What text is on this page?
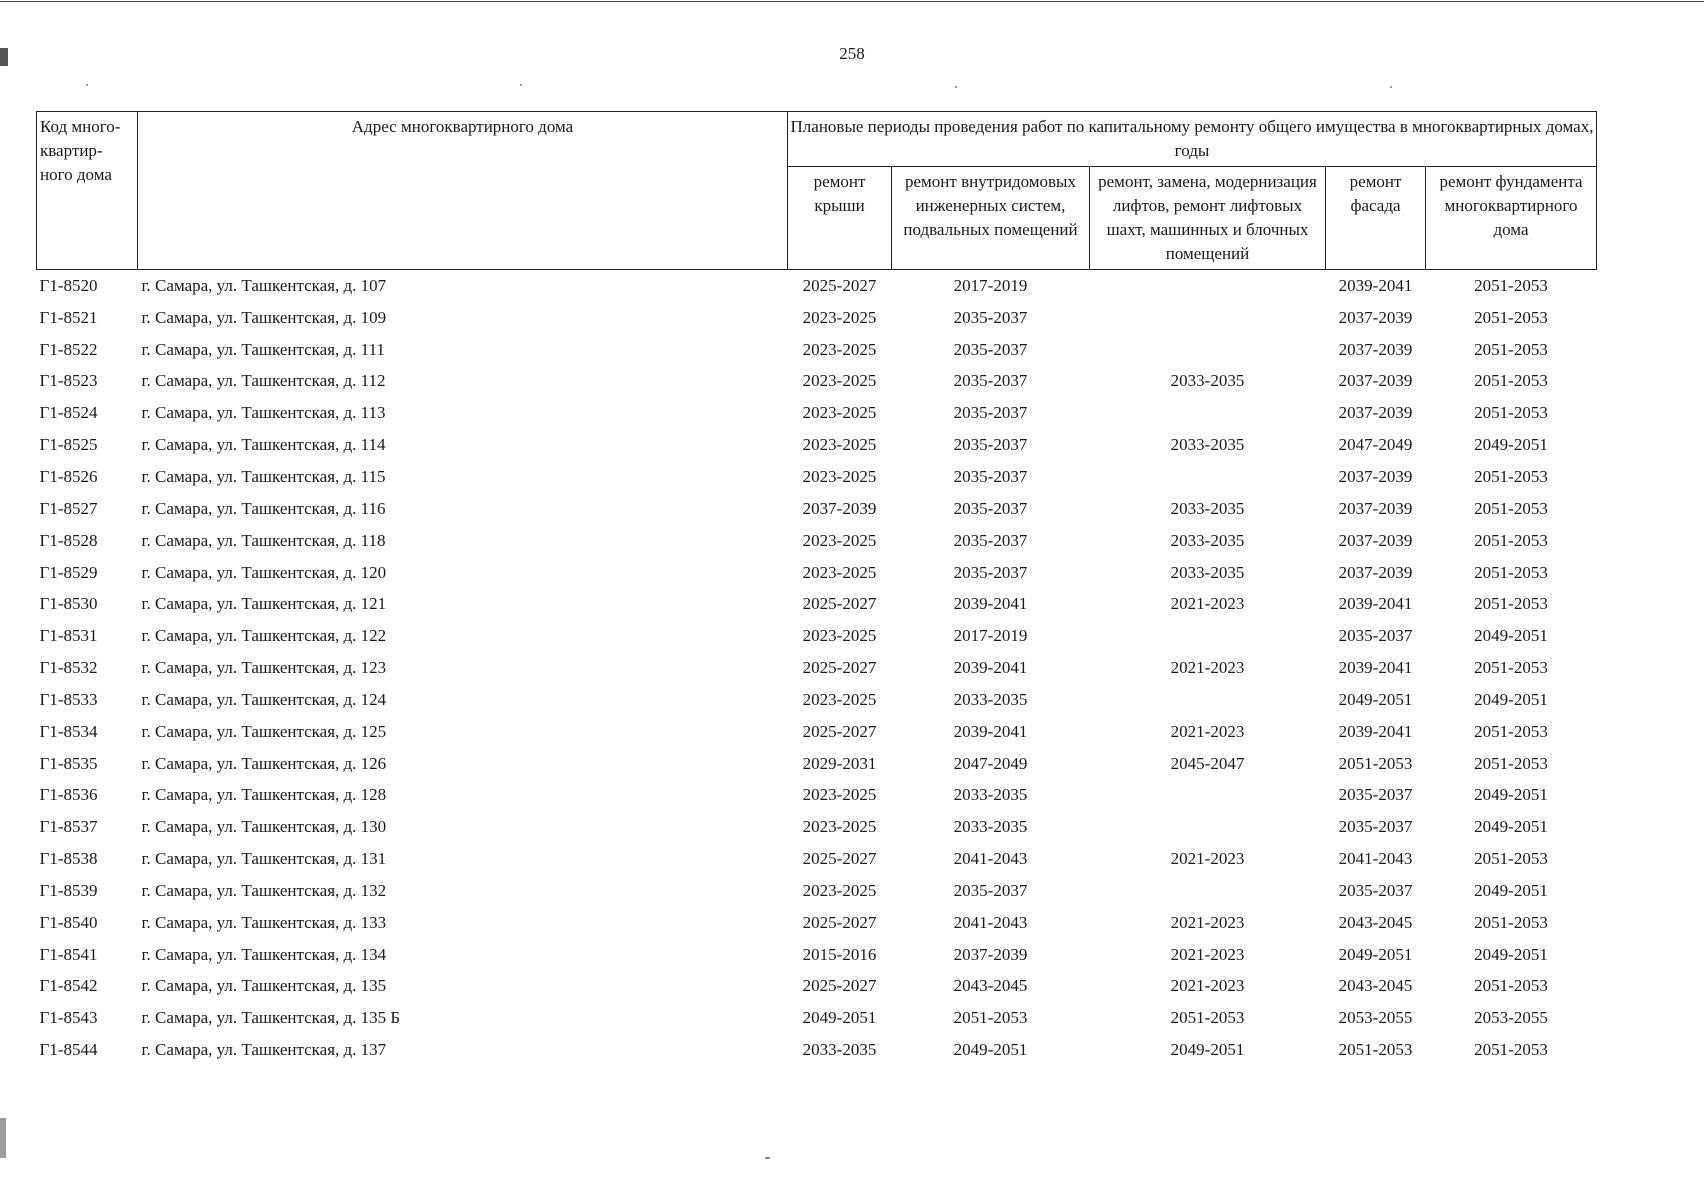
258
Код много-квартир-ного дома	Адрес многоквартирного дома	Плановые периоды проведения работ по капитальному ремонту общего имущества в многоквартирных домах, годы				
		ремонт крыши	ремонт внутридомовых инженерных систем, подвальных помещений	ремонт, замена, модернизация лифтов, ремонт лифтовых шахт, машинных и блочных помещений	ремонт фасада	ремонт фундамента многоквартирного дома
Г1-8520	г. Самара, ул. Ташкентская, д. 107	2025-2027	2017-2019		2039-2041	2051-2053
Г1-8521	г. Самара, ул. Ташкентская, д. 109	2023-2025	2035-2037		2037-2039	2051-2053
Г1-8522	г. Самара, ул. Ташкентская, д. 111	2023-2025	2035-2037		2037-2039	2051-2053
Г1-8523	г. Самара, ул. Ташкентская, д. 112	2023-2025	2035-2037	2033-2035	2037-2039	2051-2053
Г1-8524	г. Самара, ул. Ташкентская, д. 113	2023-2025	2035-2037		2037-2039	2051-2053
Г1-8525	г. Самара, ул. Ташкентская, д. 114	2023-2025	2035-2037	2033-2035	2047-2049	2049-2051
Г1-8526	г. Самара, ул. Ташкентская, д. 115	2023-2025	2035-2037		2037-2039	2051-2053
Г1-8527	г. Самара, ул. Ташкентская, д. 116	2037-2039	2035-2037	2033-2035	2037-2039	2051-2053
Г1-8528	г. Самара, ул. Ташкентская, д. 118	2023-2025	2035-2037	2033-2035	2037-2039	2051-2053
Г1-8529	г. Самара, ул. Ташкентская, д. 120	2023-2025	2035-2037	2033-2035	2037-2039	2051-2053
Г1-8530	г. Самара, ул. Ташкентская, д. 121	2025-2027	2039-2041	2021-2023	2039-2041	2051-2053
Г1-8531	г. Самара, ул. Ташкентская, д. 122	2023-2025	2017-2019		2035-2037	2049-2051
Г1-8532	г. Самара, ул. Ташкентская, д. 123	2025-2027	2039-2041	2021-2023	2039-2041	2051-2053
Г1-8533	г. Самара, ул. Ташкентская, д. 124	2023-2025	2033-2035		2049-2051	2049-2051
Г1-8534	г. Самара, ул. Ташкентская, д. 125	2025-2027	2039-2041	2021-2023	2039-2041	2051-2053
Г1-8535	г. Самара, ул. Ташкентская, д. 126	2029-2031	2047-2049	2045-2047	2051-2053	2051-2053
Г1-8536	г. Самара, ул. Ташкентская, д. 128	2023-2025	2033-2035		2035-2037	2049-2051
Г1-8537	г. Самара, ул. Ташкентская, д. 130	2023-2025	2033-2035		2035-2037	2049-2051
Г1-8538	г. Самара, ул. Ташкентская, д. 131	2025-2027	2041-2043	2021-2023	2041-2043	2051-2053
Г1-8539	г. Самара, ул. Ташкентская, д. 132	2023-2025	2035-2037		2035-2037	2049-2051
Г1-8540	г. Самара, ул. Ташкентская, д. 133	2025-2027	2041-2043	2021-2023	2043-2045	2051-2053
Г1-8541	г. Самара, ул. Ташкентская, д. 134	2015-2016	2037-2039	2021-2023	2049-2051	2049-2051
Г1-8542	г. Самара, ул. Ташкентская, д. 135	2025-2027	2043-2045	2021-2023	2043-2045	2051-2053
Г1-8543	г. Самара, ул. Ташкентская, д. 135 Б	2049-2051	2051-2053	2051-2053	2053-2055	2053-2055
Г1-8544	г. Самара, ул. Ташкентская, д. 137	2033-2035	2049-2051	2049-2051	2051-2053	2051-2053
